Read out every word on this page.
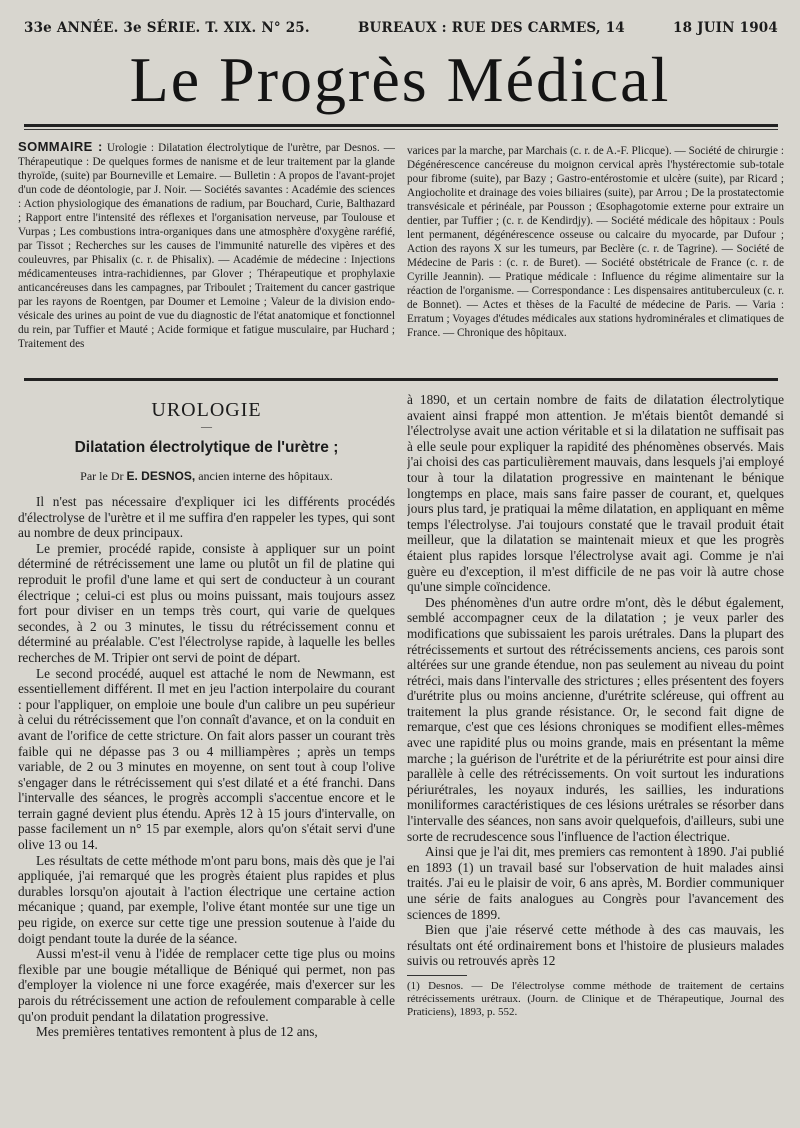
33e ANNÉE. 3e SÉRIE. T. XIX. N° 25.	BUREAUX : RUE DES CARMES, 14	18 JUIN 1904
Le Progrès Médical
SOMMAIRE : Urologie : Dilatation électrolytique de l'urètre, par Desnos. — Thérapeutique : De quelques formes de nanisme et de leur traitement par la glande thyroïde, (suite) par Bourneville et Lemaire. — Bulletin : A propos de l'avant-projet d'un code de déontologie, par J. Noir. — Sociétés savantes : Académie des sciences : Action physiologique des émanations de radium, par Bouchard, Curie, Balthazard ; Rapport entre l'intensité des réflexes et l'organisation nerveuse, par Toulouse et Vurpas ; Les combustions intra-organiques dans une atmosphère d'oxygène raréfié, par Tissot ; Recherches sur les causes de l'immunité naturelle des vipères et des couleuvres, par Phisalix (c. r. de Phisalix). — Académie de médecine : Injections médicamenteuses intra-rachidiennes, par Glover ; Thérapeutique et prophylaxie anticancéreuses dans les campagnes, par Triboulet ; Traitement du cancer gastrique par les rayons de Roentgen, par Doumer et Lemoine ; Valeur de la division endo-vésicale des urines au point de vue du diagnostic de l'état anatomique et fonctionnel du rein, par Tuffier et Mauté ; Acide formique et fatigue musculaire, par Huchard ; Traitement des
varices par la marche, par Marchais (c. r. de A.-F. Plicque). — Société de chirurgie : Dégénérescence cancéreuse du moignon cervical après l'hystérectomie sub-totale pour fibrome (suite), par Bazy ; Gastro-entérostomie et ulcère (suite), par Ricard ; Angiocholite et drainage des voies biliaires (suite), par Arrou ; De la prostatectomie transvésicale et périnéale, par Pousson ; Œsophagotomie externe pour extraire un dentier, par Tuffier ; (c. r. de Kendirdjy). — Société médicale des hôpitaux : Pouls lent permanent, dégénérescence osseuse ou calcaire du myocarde, par Dufour ; Action des rayons X sur les tumeurs, par Beclère (c. r. de Tagrine). — Société de Médecine de Paris : (c. r. de Buret). — Société obstétricale de France (c. r. de Cyrille Jeannin). — Pratique médicale : Influence du régime alimentaire sur la réaction de l'organisme. — Correspondance : Les dispensaires antituberculeux (c. r. de Bonnet). — Actes et thèses de la Faculté de médecine de Paris. — Varia : Erratum ; Voyages d'études médicales aux stations hydrominérales et climatiques de France. — Chronique des hôpitaux.
UROLOGIE
—
Dilatation électrolytique de l'urètre ;
Par le Dr E. DESNOS, ancien interne des hôpitaux.

Il n'est pas nécessaire d'expliquer ici les différents procédés d'électrolyse de l'urètre et il me suffira d'en rappeler les types, qui sont au nombre de deux principaux.

Le premier, procédé rapide, consiste à appliquer sur un point déterminé de rétrécissement une lame ou plutôt un fil de platine qui reproduit le profil d'une lame et qui sert de conducteur à un courant électrique ; celui-ci est plus ou moins puissant, mais toujours assez fort pour diviser en un temps très court, qui varie de quelques secondes, à 2 ou 3 minutes, le tissu du rétrécissement connu et déterminé au préalable. C'est l'électrolyse rapide, à laquelle les belles recherches de M. Tripier ont servi de point de départ.

Le second procédé, auquel est attaché le nom de Newmann, est essentiellement différent. Il met en jeu l'action interpolaire du courant : pour l'appliquer, on emploie une boule d'un calibre un peu supérieur à celui du rétrécissement que l'on connaît d'avance, et on la conduit en avant de l'orifice de cette stricture. On fait alors passer un courant très faible qui ne dépasse pas 3 ou 4 milliampères ; après un temps variable, de 2 ou 3 minutes en moyenne, on sent tout à coup l'olive s'engager dans le rétrécissement qui s'est dilaté et a été franchi. Dans l'intervalle des séances, le progrès accompli s'accentue encore et le terrain gagné devient plus étendu. Après 12 à 15 jours d'intervalle, on passe facilement un n° 15 par exemple, alors qu'on s'était servi d'une olive 13 ou 14.

Les résultats de cette méthode m'ont paru bons, mais dès que je l'ai appliquée, j'ai remarqué que les progrès étaient plus rapides et plus durables lorsqu'on ajoutait à l'action électrique une certaine action mécanique ; quand, par exemple, l'olive étant montée sur une tige un peu rigide, on exerce sur cette tige une pression soutenue à l'aide du doigt pendant toute la durée de la séance.

Aussi m'est-il venu à l'idée de remplacer cette tige plus ou moins flexible par une bougie métallique de Béniqué qui permet, non pas d'employer la violence ni une force exagérée, mais d'exercer sur les parois du rétrécissement une action de refoulement comparable à celle qu'on produit pendant la dilatation progressive.

Mes premières tentatives remontent à plus de 12 ans,

à 1890, et un certain nombre de faits de dilatation électrolytique avaient ainsi frappé mon attention. Je m'étais bientôt demandé si l'électrolyse avait une action véritable et si la dilatation ne suffisait pas à elle seule pour expliquer la rapidité des phénomènes observés. Mais j'ai choisi des cas particulièrement mauvais, dans lesquels j'ai employé tour à tour la dilatation progressive en maintenant le bénique longtemps en place, mais sans faire passer de courant, et, quelques jours plus tard, je pratiquai la même dilatation, en appliquant en même temps l'électrolyse. J'ai toujours constaté que le travail produit était meilleur, que la dilatation se maintenait mieux et que les progrès étaient plus rapides lorsque l'électrolyse avait agi. Comme je n'ai guère eu d'exception, il m'est difficile de ne pas voir là autre chose qu'une simple coïncidence.

Des phénomènes d'un autre ordre m'ont, dès le début également, semblé accompagner ceux de la dilatation ; je veux parler des modifications que subissaient les parois urétrales. Dans la plupart des rétrécissements et surtout des rétrécissements anciens, ces parois sont altérées sur une grande étendue, non pas seulement au niveau du point rétréci, mais dans l'intervalle des strictures ; elles présentent des foyers d'urétrite plus ou moins ancienne, d'urétrite scléreuse, qui offrent au traitement la plus grande résistance. Or, le second fait digne de remarque, c'est que ces lésions chroniques se modifient elles-mêmes avec une rapidité plus ou moins grande, mais en présentant la même marche ; la guérison de l'urétrite et de la périurétrite est pour ainsi dire parallèle à celle des rétrécissements. On voit surtout les indurations périurétrales, les noyaux indurés, les saillies, les indurations moniliformes caractéristiques de ces lésions urétrales se résorber dans l'intervalle des séances, non sans avoir quelquefois, d'ailleurs, subi une sorte de recrudescence sous l'influence de l'action électrique.

Ainsi que je l'ai dit, mes premiers cas remontent à 1890. J'ai publié en 1893 (1) un travail basé sur l'observation de huit malades ainsi traités. J'ai eu le plaisir de voir, 6 ans après, M. Bordier communiquer une série de faits analogues au Congrès pour l'avancement des sciences de 1899.

Bien que j'aie réservé cette méthode à des cas mauvais, les résultats ont été ordinairement bons et l'histoire de plusieurs malades suivis ou retrouvés après 12

(1) Desnos. — De l'électrolyse comme méthode de traitement de certains rétrécissements urétraux. (Journ. de Clinique et de Thérapeutique, Journal des Praticiens), 1893, p. 552.
